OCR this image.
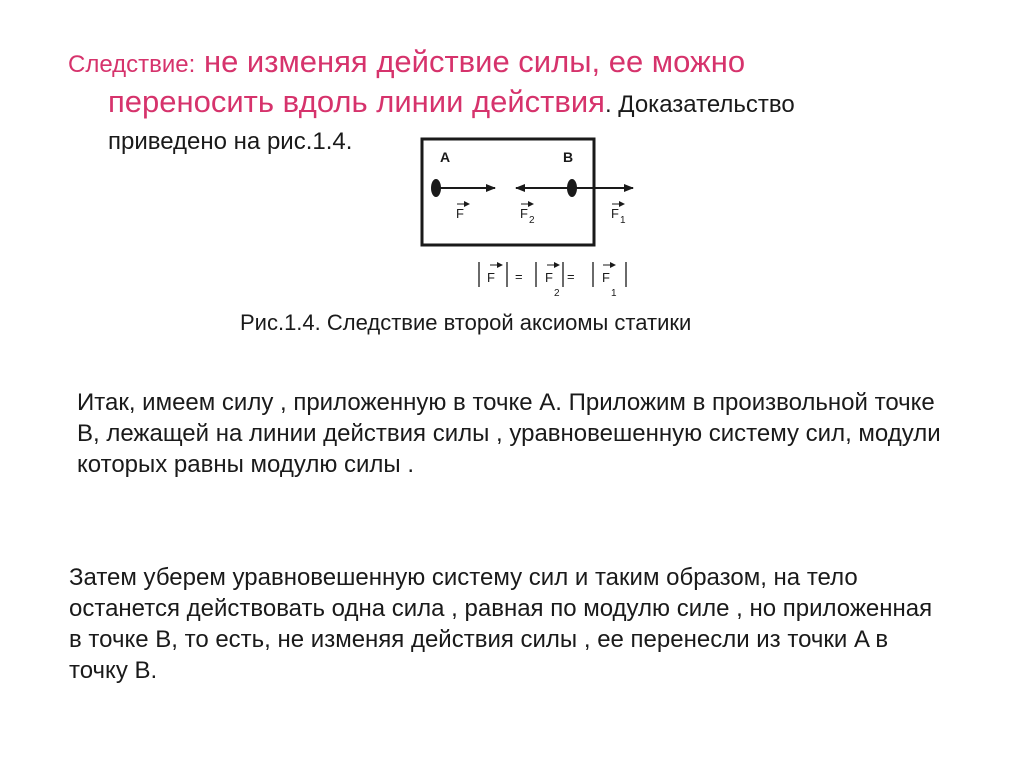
Следствие: не изменяя действие силы, ее можно
переносить вдоль линии действия. Доказательство
приведено на рис.1.4.
A	B
F	F 2	F 1
F = F
2
= F
1
Рис.1.4. Следствие второй аксиомы статики
Итак, имеем силу , приложенную в точке A. Приложим в произвольной точке B, лежащей на линии действия силы , уравновешенную систему сил, модули которых равны модулю силы .
Затем уберем уравновешенную систему сил и таким образом, на тело останется действовать одна сила , равная по модулю силе , но приложенная в точке B, то есть, не изменяя действия силы , ее перенесли из точки A в точку B.
